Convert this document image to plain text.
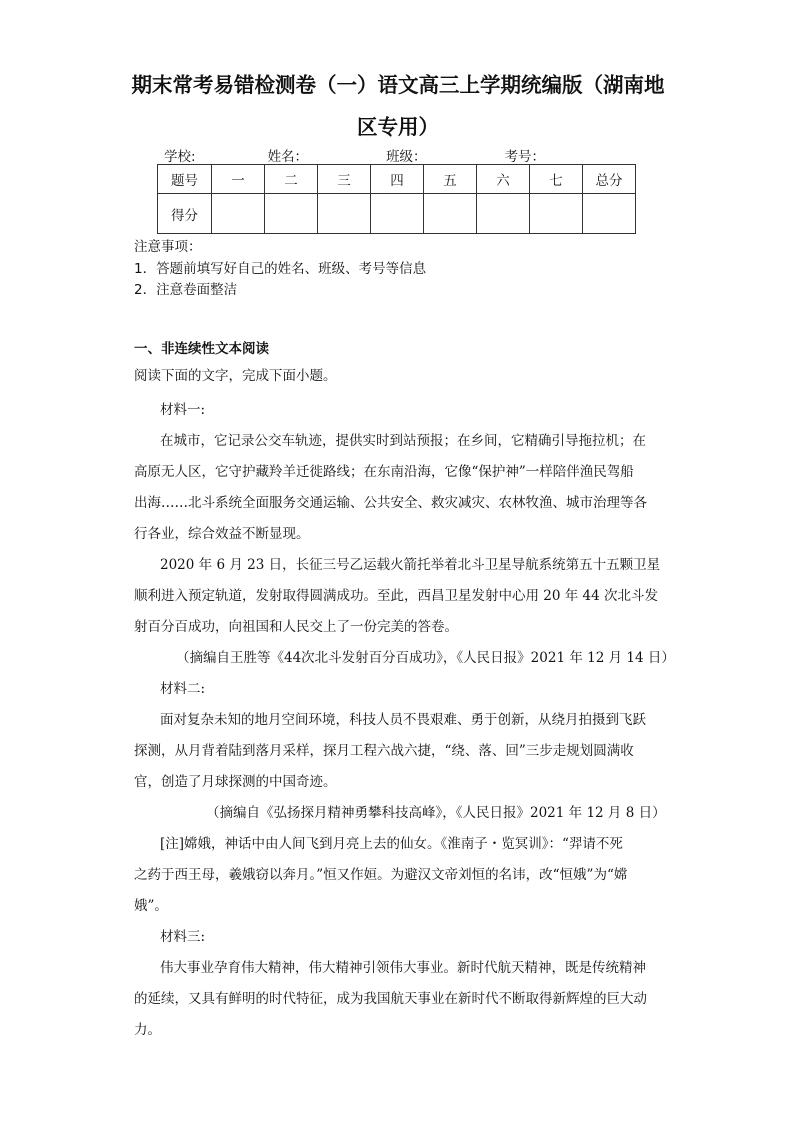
期末常考易错检测卷（一）语文高三上学期统编版（湖南地
区专用）
学校:	姓名：	班级：	考号：
题号	一	二	三	四	五	六	七	总分
得分								
注意事项：
1．答题前填写好自己的姓名、班级、考号等信息
2．注意卷面整洁
一、非连续性文本阅读
阅读下面的文字，完成下面小题。
材料一:
在城市，它记录公交车轨迹，提供实时到站预报；在乡间，它精确引导拖拉机；在
高原无人区，它守护藏羚羊迁徙路线；在东南沿海，它像“保护神”一样陪伴渔民驾船
出海……北斗系统全面服务交通运输、公共安全、救灾减灾、农林牧渔、城市治理等各
行各业，综合效益不断显现。
2020 年 6 月 23 日，长征三号乙运载火箭托举着北斗卫星导航系统第五十五颗卫星
顺利进入预定轨道，发射取得圆满成功。至此，西昌卫星发射中心用 20 年 44 次北斗发
射百分百成功，向祖国和人民交上了一份完美的答卷。
（摘编自王胜等《44次北斗发射百分百成功》，《人民日报》2021 年 12 月 14 日）
材料二:
面对复杂未知的地月空间环境，科技人员不畏艰难、勇于创新，从绕月拍摄到飞跃
探测，从月背着陆到落月采样，探月工程六战六捷，“绕、落、回”三步走规划圆满收
官，创造了月球探测的中国奇迹。
（摘编自《弘扬探月精神勇攀科技高峰》，《人民日报》2021 年 12 月 8 日）
[注]嫦娥，神话中由人间飞到月亮上去的仙女。《淮南子・览冥训》：“羿请不死
之药于西王母，羲娥窃以奔月。”恒又作姮。为避汉文帝刘恒的名讳，改“恒娥”为“嫦
娥”。
材料三:
伟大事业孕育伟大精神，伟大精神引领伟大事业。新时代航天精神，既是传统精神
的延续，又具有鲜明的时代特征，成为我国航天事业在新时代不断取得新辉煌的巨大动
力。
